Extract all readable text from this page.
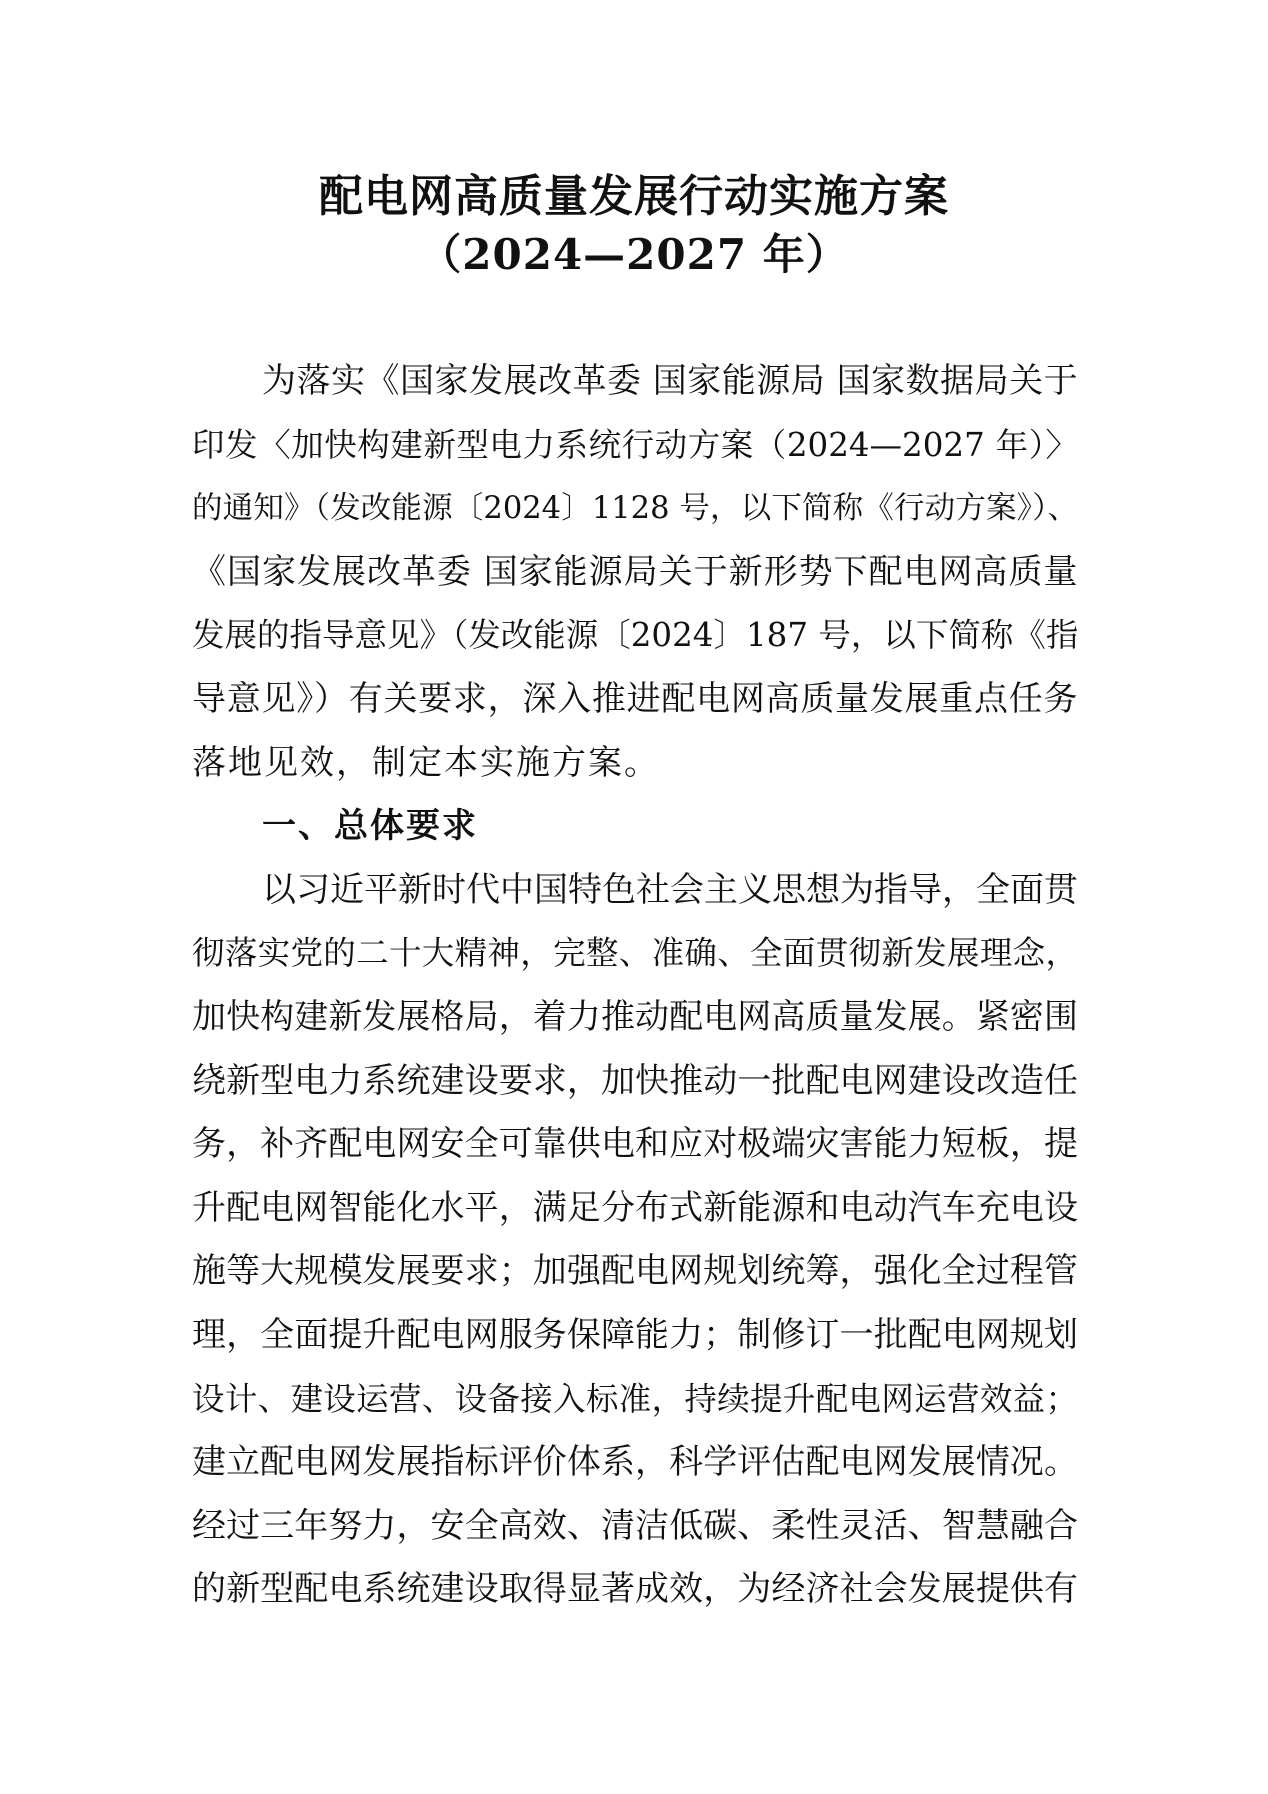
配电网高质量发展行动实施方案
（2024—2027 年）
为落实《国家发展改革委 国家能源局 国家数据局关于
印发〈加快构建新型电力系统行动方案（2024—2027 年）〉
的通知》（发改能源〔2024〕1128 号，以下简称《行动方案》）、
《国家发展改革委 国家能源局关于新形势下配电网高质量
发展的指导意见》（发改能源〔2024〕187 号，以下简称《指
导意见》）有关要求，深入推进配电网高质量发展重点任务
落地见效，制定本实施方案。
一、总体要求
以习近平新时代中国特色社会主义思想为指导，全面贯
彻落实党的二十大精神，完整、准确、全面贯彻新发展理念，
加快构建新发展格局，着力推动配电网高质量发展。紧密围
绕新型电力系统建设要求，加快推动一批配电网建设改造任
务，补齐配电网安全可靠供电和应对极端灾害能力短板，提
升配电网智能化水平，满足分布式新能源和电动汽车充电设
施等大规模发展要求；加强配电网规划统筹，强化全过程管
理，全面提升配电网服务保障能力；制修订一批配电网规划
设计、建设运营、设备接入标准，持续提升配电网运营效益；
建立配电网发展指标评价体系，科学评估配电网发展情况。
经过三年努力，安全高效、清洁低碳、柔性灵活、智慧融合
的新型配电系统建设取得显著成效，为经济社会发展提供有
